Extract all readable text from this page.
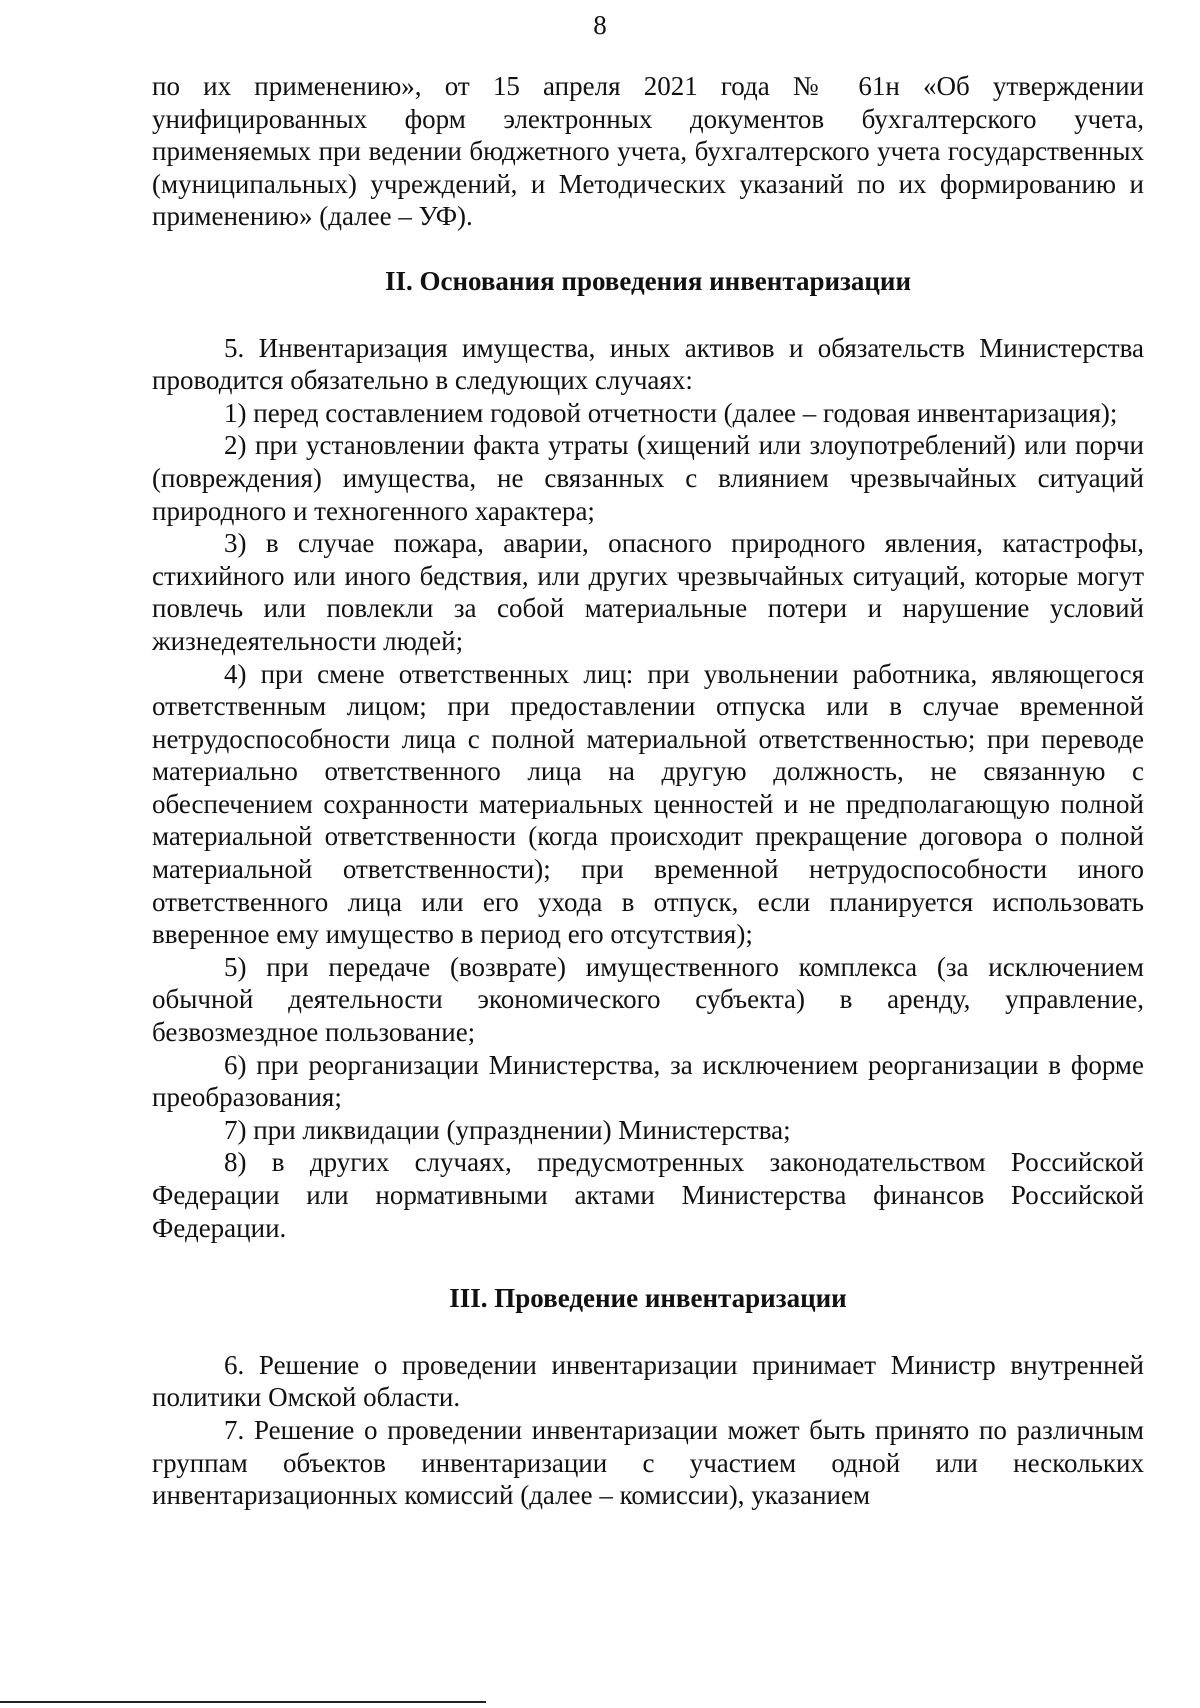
8

по их применению», от 15 апреля 2021 года № 61н «Об утверждении унифицированных форм электронных документов бухгалтерского учета, применяемых при ведении бюджетного учета, бухгалтерского учета государственных (муниципальных) учреждений, и Методических указаний по их формированию и применению» (далее – УФ).

II. Основания проведения инвентаризации

5. Инвентаризация имущества, иных активов и обязательств Министерства проводится обязательно в следующих случаях:

1) перед составлением годовой отчетности (далее – годовая инвентаризация);

2) при установлении факта утраты (хищений или злоупотреблений) или порчи (повреждения) имущества, не связанных с влиянием чрезвычайных ситуаций природного и техногенного характера;

3) в случае пожара, аварии, опасного природного явления, катастрофы, стихийного или иного бедствия, или других чрезвычайных ситуаций, которые могут повлечь или повлекли за собой материальные потери и нарушение условий жизнедеятельности людей;

4) при смене ответственных лиц: при увольнении работника, являющегося ответственным лицом; при предоставлении отпуска или в случае временной нетрудоспособности лица с полной материальной ответственностью; при переводе материально ответственного лица на другую должность, не связанную с обеспечением сохранности материальных ценностей и не предполагающую полной материальной ответственности (когда происходит прекращение договора о полной материальной ответственности); при временной нетрудоспособности иного ответственного лица или его ухода в отпуск, если планируется использовать вверенное ему имущество в период его отсутствия);

5) при передаче (возврате) имущественного комплекса (за исключением обычной деятельности экономического субъекта) в аренду, управление, безвозмездное пользование;

6) при реорганизации Министерства, за исключением реорганизации в форме преобразования;

7) при ликвидации (упразднении) Министерства;

8) в других случаях, предусмотренных законодательством Российской Федерации или нормативными актами Министерства финансов Российской Федерации.

III. Проведение инвентаризации

6. Решение о проведении инвентаризации принимает Министр внутренней политики Омской области.

7. Решение о проведении инвентаризации может быть принято по различным группам объектов инвентаризации с участием одной или нескольких инвентаризационных комиссий (далее – комиссии), указанием
